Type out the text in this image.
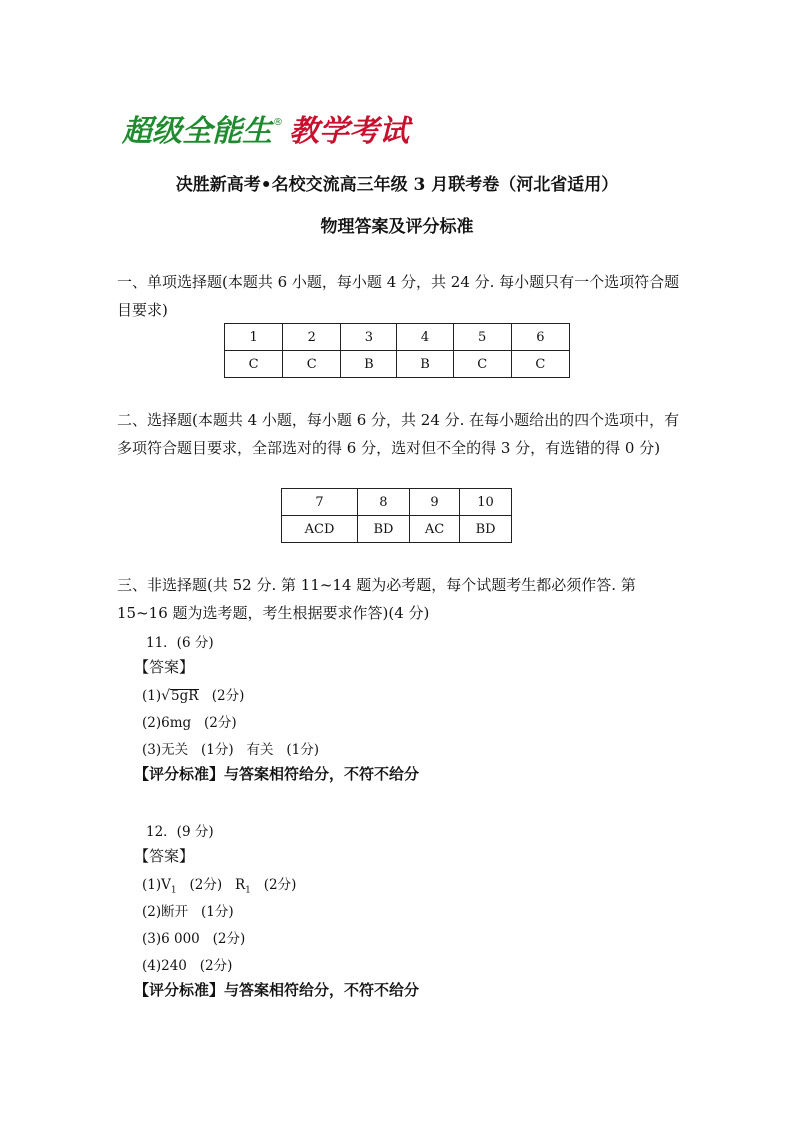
超级全能生 ® 教学考试
决胜新高考•名校交流高三年级 3 月联考卷（河北省适用）
物理答案及评分标准
一、单项选择题(本题共 6 小题，每小题 4 分，共 24 分. 每小题只有一个选项符合题目要求)
1	2	3	4	5	6
C	C	B	B	C	C
二、选择题(本题共 4 小题，每小题 6 分，共 24 分. 在每小题给出的四个选项中，有多项符合题目要求，全部选对的得 6 分，选对但不全的得 3 分，有选错的得 0 分)
7	8	9	10
ACD	BD	AC	BD
三、非选择题(共 52 分. 第 11~14 题为必考题，每个试题考生都必须作答. 第 15~16 题为选考题，考生根据要求作答)(4 分)
11．(6 分)
【答案】
(1)√5gR (2分)
(2)6mg   (2分)
(3)无关   (1分)   有关   (1分)
【评分标准】与答案相符给分，不符不给分
12．(9 分)
【答案】
$(1)V_1$ (2分)   $R_1$ (2分)
(2)断开   (1分)
(3)6 000   (2分)
(4)240   (2分)
【评分标准】与答案相符给分，不符不给分
